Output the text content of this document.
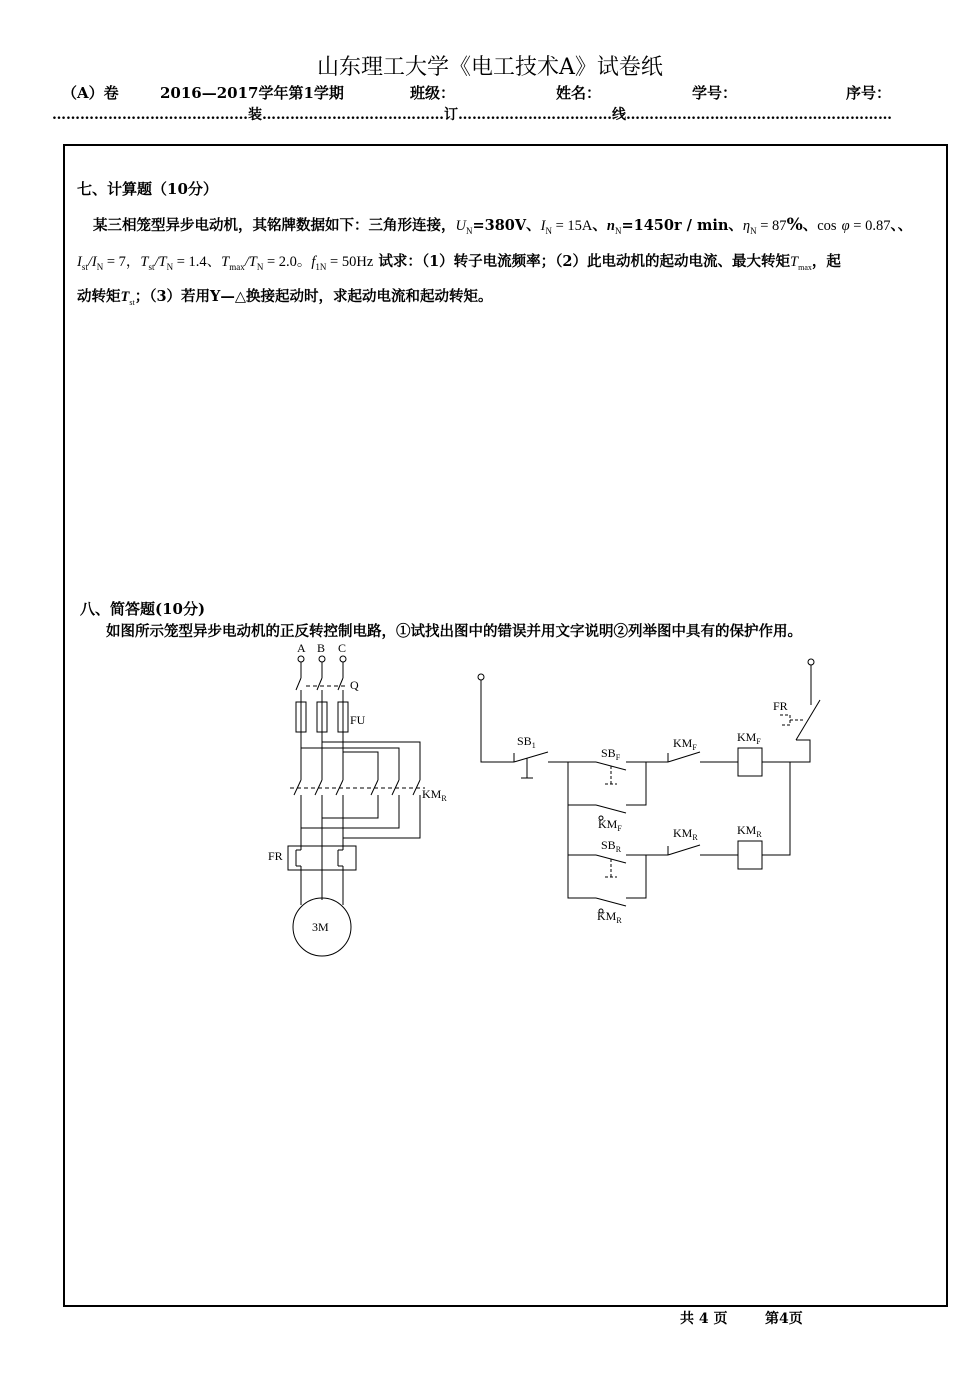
山东理工大学《电工技术A》试卷纸
（A）卷	2016—2017学年第1学期	班级：	姓名：	学号：	序号：
……………………………………装…………………………………订……………………………线…………………………………………………
七、计算题（10分）
某三相笼型异步电动机，其铭牌数据如下：三角形连接，$U_N=380V$、$I_N = 15A$、$n_N=1450r / \min$、$\eta_N = 87\%$、cos φ = 0.87、、
$I_{st}/I_N = 7$，$T_{st}/T_N = 1.4$、$T_{max}/T_N = 2.0$。$f_{1N} = 50Hz$ 试求：（1）转子电流频率；（2）此电动机的起动电流、最大转矩$T_{max}$，起
动转矩$T_{st}$；（3）若用Y—△换接起动时，求起动电流和起动转矩。
八、简答题(10分)
如图所示笼型异步电动机的正反转控制电路，①试找出图中的错误并用文字说明②列举图中具有的保护作用。
A B C
Q
FU
$KM_R$
FR
3M
$SB_1$
$SB_F$
$KM_F$
$KM_F$
$KM_F$
FR
$SB_R$
$KM_R$
$KM_R$
$KM_R$
共 4 页	第4页
